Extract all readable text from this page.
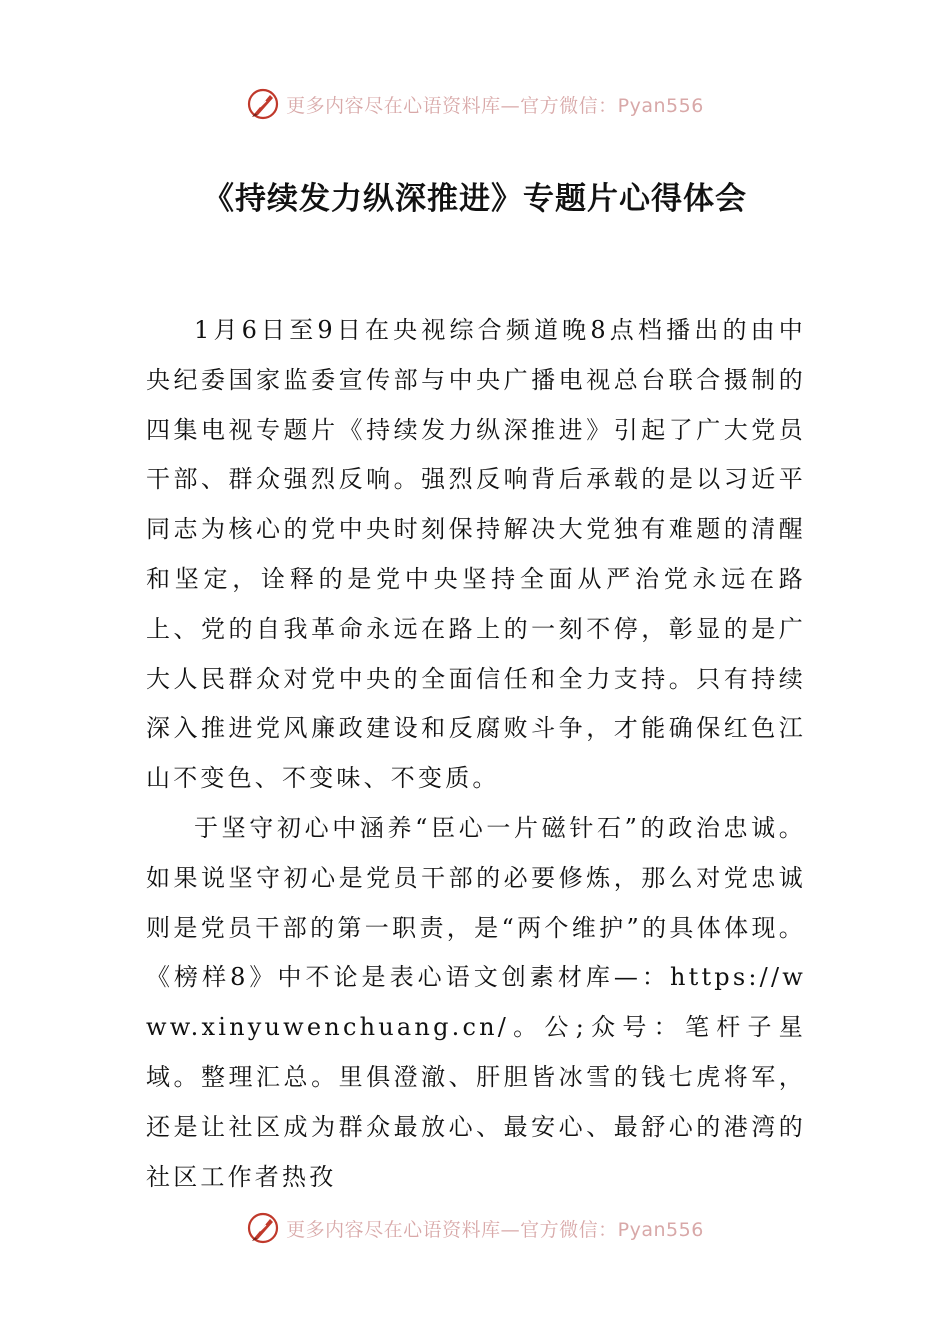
更多内容尽在心语资料库—官方微信：Pyan556
《持续发力纵深推进》专题片心得体会

1月6日至9日在央视综合频道晚8点档播出的由中央纪委国家监委宣传部与中央广播电视总台联合摄制的四集电视专题片《持续发力纵深推进》引起了广大党员干部、群众强烈反响。强烈反响背后承载的是以习近平同志为核心的党中央时刻保持解决大党独有难题的清醒和坚定，诠释的是党中央坚持全面从严治党永远在路上、党的自我革命永远在路上的一刻不停，彰显的是广大人民群众对党中央的全面信任和全力支持。只有持续深入推进党风廉政建设和反腐败斗争，才能确保红色江山不变色、不变味、不变质。

于坚守初心中涵养“臣心一片磁针石”的政治忠诚。如果说坚守初心是党员干部的必要修炼，那么对党忠诚则是党员干部的第一职责，是“两个维护”的具体体现。《榜样8》中不论是表心语文创素材库—：https://www.xinyuwenchuang.cn/。公;众号：笔杆子星域。整理汇总。里俱澄澈、肝胆皆冰雪的钱七虎将军，还是让社区成为群众最放心、最安心、最舒心的港湾的社区工作者热孜

更多内容尽在心语资料库—官方微信：Pyan556
